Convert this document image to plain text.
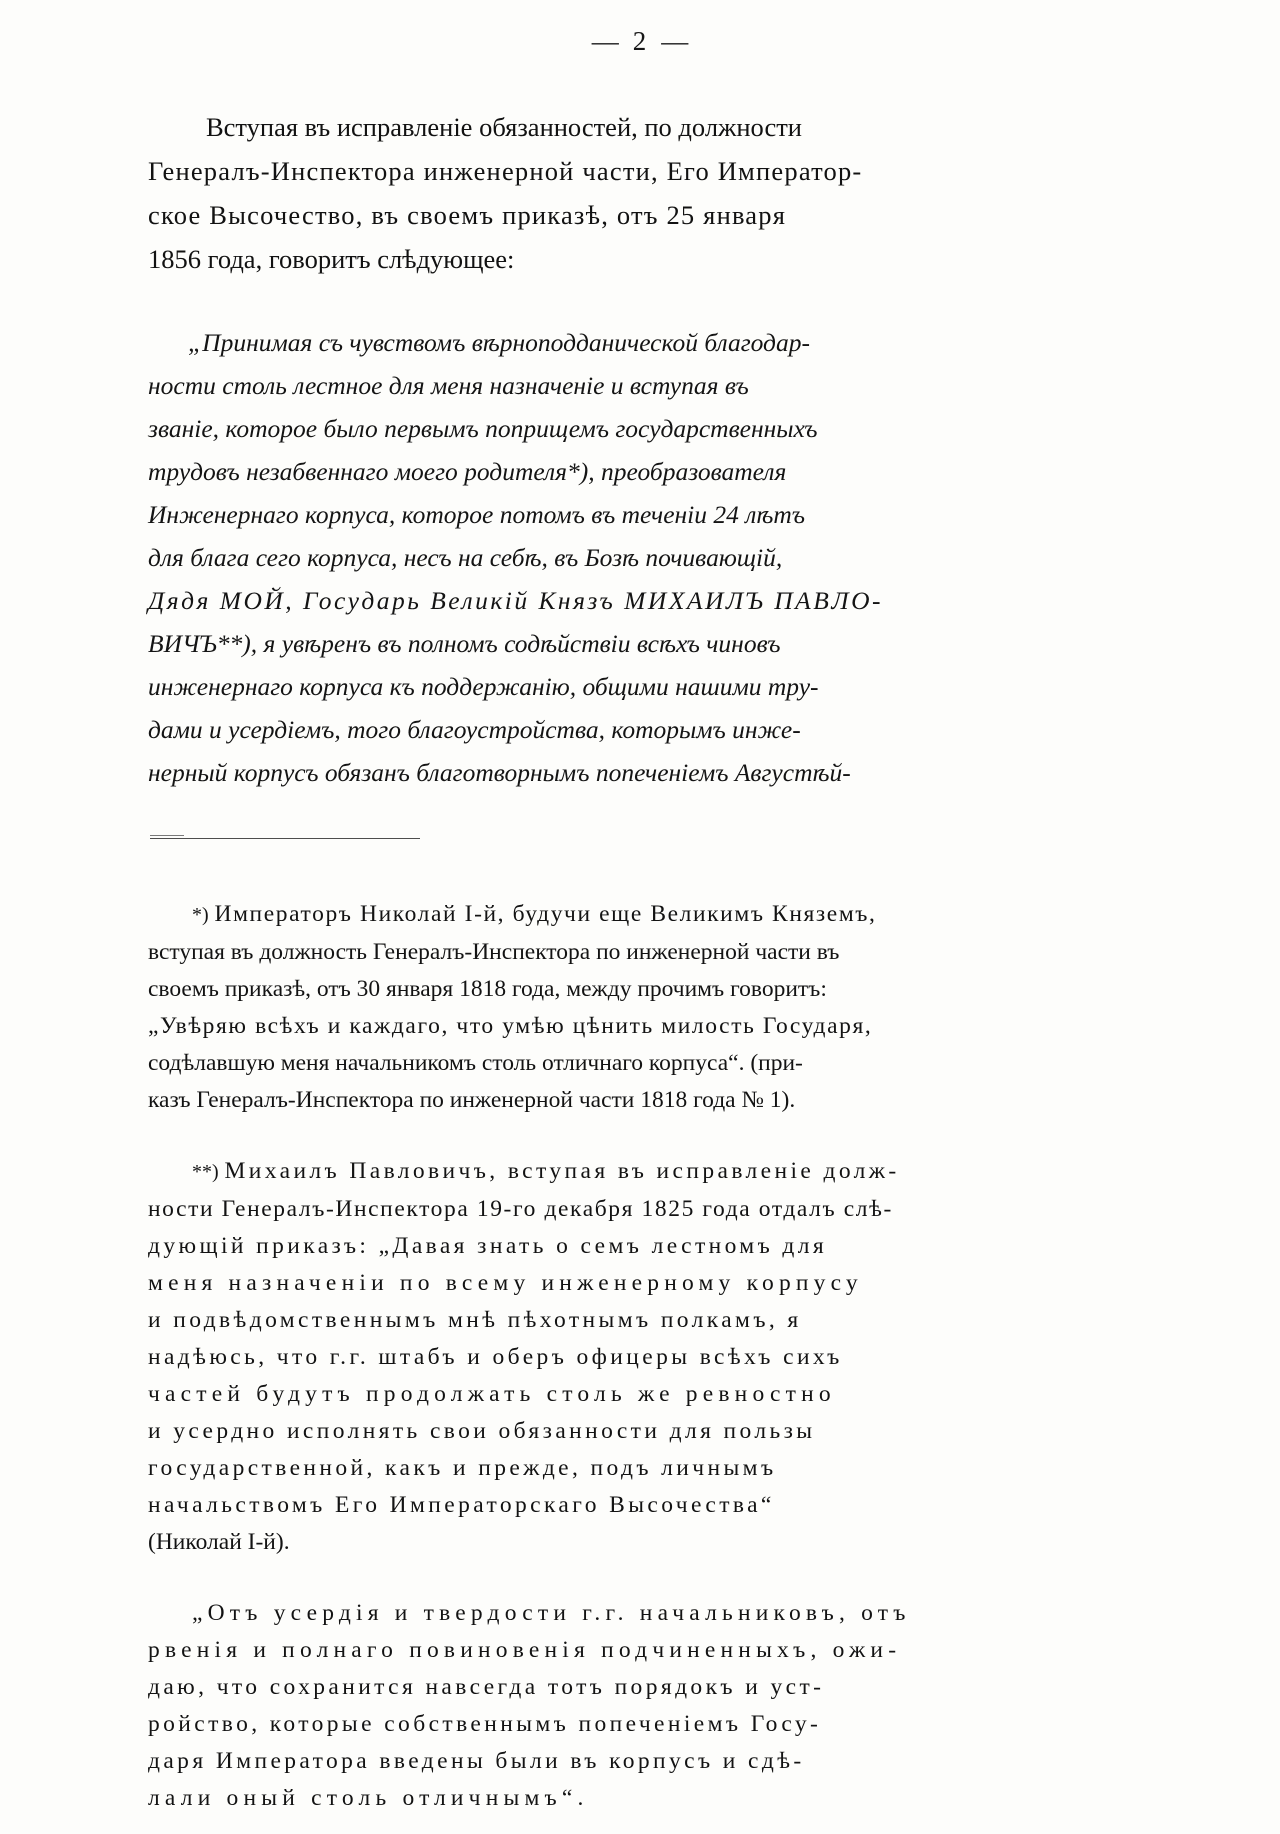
— 2 —
Вступая въ исправленіе обязанностей, по должности
Генералъ-Инспектора инженерной части, Его Император-
ское Высочество, въ своемъ приказѣ, отъ 25 января
1856 года, говоритъ слѣдующее:
„Принимая съ чувствомъ вѣрноподданической благодар-
ности столь лестное для меня назначеніе и вступая въ
званіе, которое было первымъ поприщемъ государственныхъ
трудовъ незабвеннаго моего родителя*), преобразователя
Инженернаго корпуса, которое потомъ въ теченіи 24 лѣтъ
для блага сего корпуса, несъ на себѣ, въ Бозѣ почивающій,
Дядя МОЙ, Государь Великій Князъ МИХАИЛЪ ПАВЛО-
ВИЧЪ**), я увѣренъ въ полномъ содѣйствіи всѣхъ чиновъ
инженернаго корпуса къ поддержанію, общими нашими тру-
дами и усердіемъ, того благоустройства, которымъ инже-
нерный корпусъ обязанъ благотворнымъ попеченіемъ Августѣй-
*) Императоръ Николай I-й, будучи еще Великимъ Княземъ,
вступая въ должность Генералъ-Инспектора по инженерной части въ
своемъ приказѣ, отъ 30 января 1818 года, между прочимъ говоритъ:
„Увѣряю всѣхъ и каждаго, что умѣю цѣнить милость Государя,
содѣлавшую меня начальникомъ столь отличнаго корпуса“. (при-
казъ Генералъ-Инспектора по инженерной части 1818 года № 1).
**) Михаилъ Павловичъ, вступая въ исправленіе долж-
ности Генералъ-Инспектора 19-го декабря 1825 года отдалъ слѣ-
дующій приказъ: „Давая знать о семъ лестномъ для
меня назначеніи по всему инженерному корпусу
и подвѣдомственнымъ мнѣ пѣхотнымъ полкамъ, я
надѣюсь, что г.г. штабъ и оберъ офицеры всѣхъ сихъ
частей будутъ продолжать столь же ревностно
и усердно исполнять свои обязанности для пользы
государственной, какъ и прежде, подъ личнымъ
начальствомъ Его Императорскаго Высочества“
(Николай I-й).
„Отъ усердія и твердости г.г. начальниковъ, отъ
рвенія и полнаго повиновенія подчиненныхъ, ожи-
даю, что сохранится навсегда тотъ порядокъ и уст-
ройство, которые собственнымъ попеченіемъ Госу-
даря Императора введены были въ корпусъ и сдѣ-
лали оный столь отличнымъ“.
